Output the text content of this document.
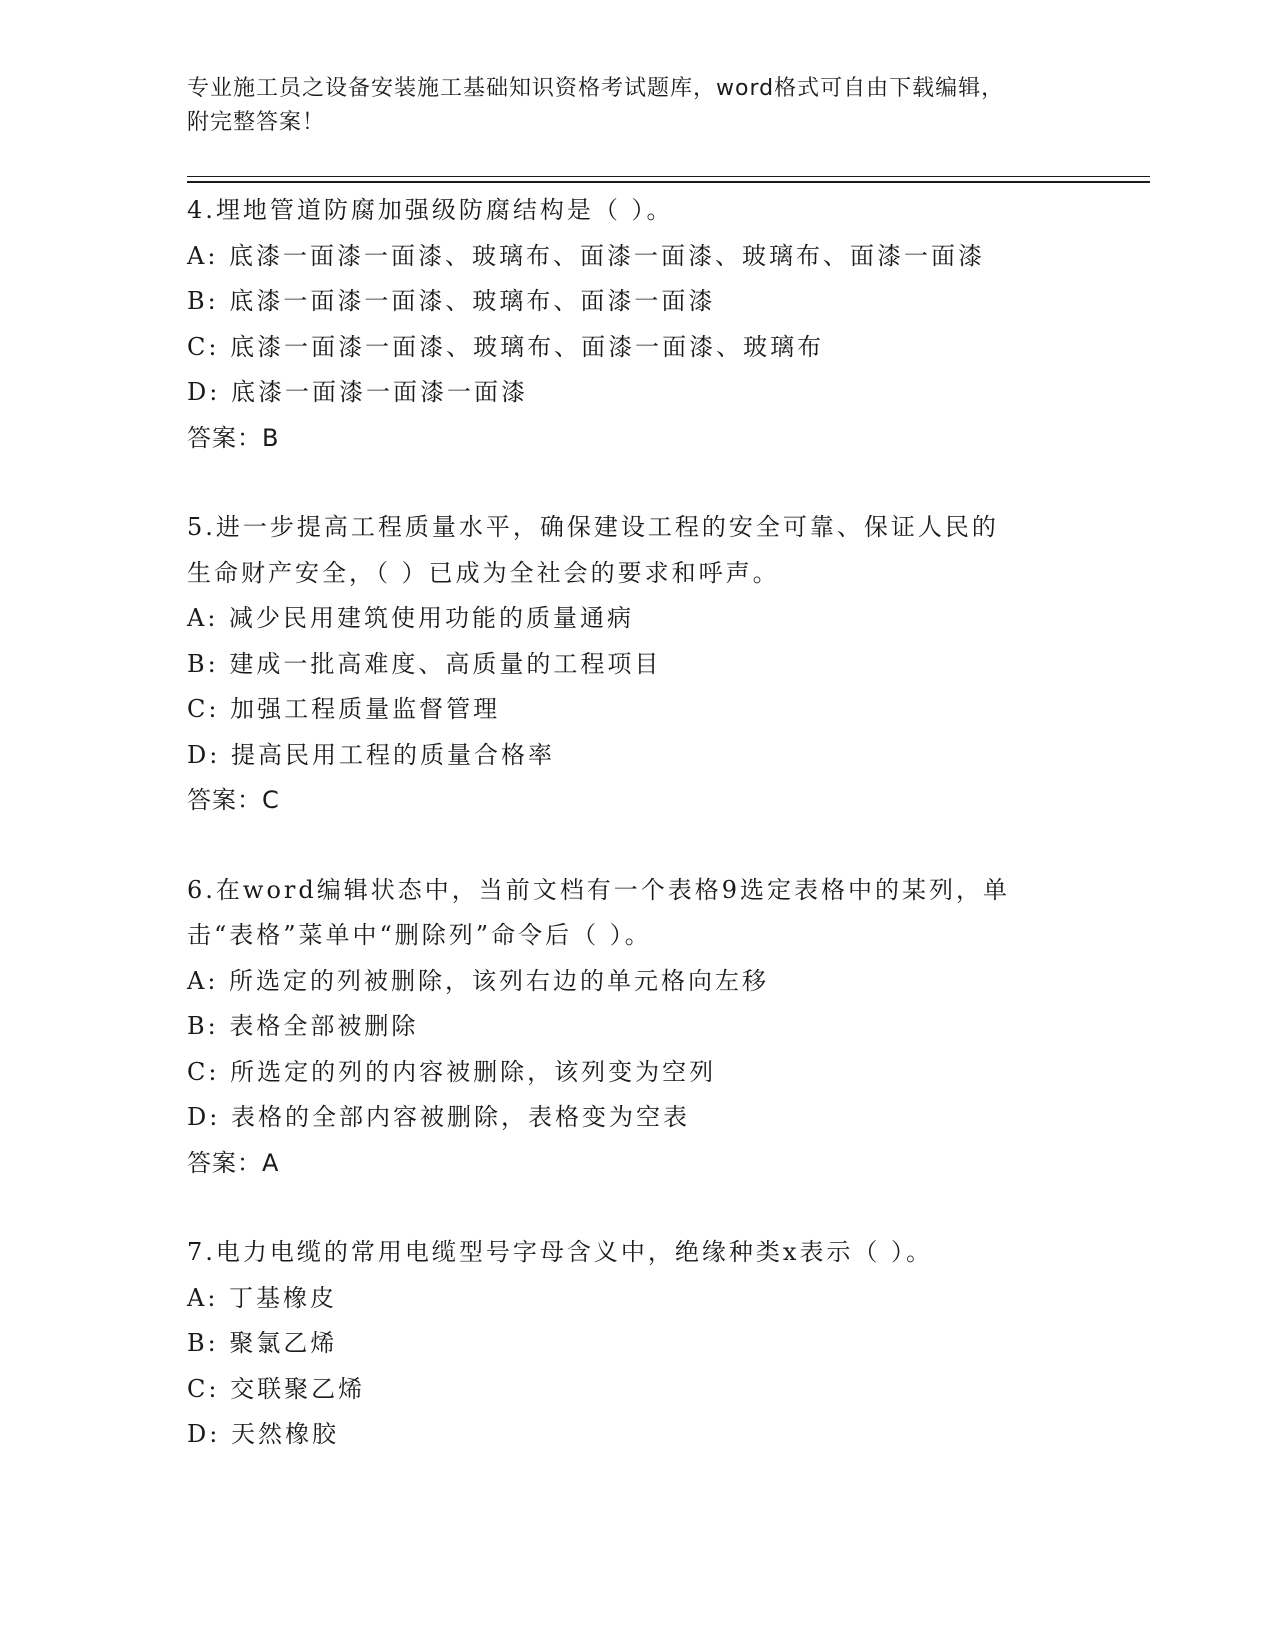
专业施工员之设备安装施工基础知识资格考试题库，word格式可自由下载编辑，
附完整答案！
4.埋地管道防腐加强级防腐结构是（ ）。
A: 底漆一面漆一面漆、玻璃布、面漆一面漆、玻璃布、面漆一面漆
B: 底漆一面漆一面漆、玻璃布、面漆一面漆
C: 底漆一面漆一面漆、玻璃布、面漆一面漆、玻璃布
D: 底漆一面漆一面漆一面漆
答案：B
5.进一步提高工程质量水平，确保建设工程的安全可靠、保证人民的
生命财产安全，（ ）已成为全社会的要求和呼声。
A: 减少民用建筑使用功能的质量通病
B: 建成一批高难度、高质量的工程项目
C: 加强工程质量监督管理
D: 提高民用工程的质量合格率
答案：C
6.在word编辑状态中，当前文档有一个表格9选定表格中的某列，单
击“表格”菜单中“删除列”命令后（ ）。
A: 所选定的列被删除，该列右边的单元格向左移
B: 表格全部被删除
C: 所选定的列的内容被删除，该列变为空列
D: 表格的全部内容被删除，表格变为空表
答案：A
7.电力电缆的常用电缆型号字母含义中，绝缘种类x表示（ ）。
A: 丁基橡皮
B: 聚氯乙烯
C: 交联聚乙烯
D: 天然橡胶
